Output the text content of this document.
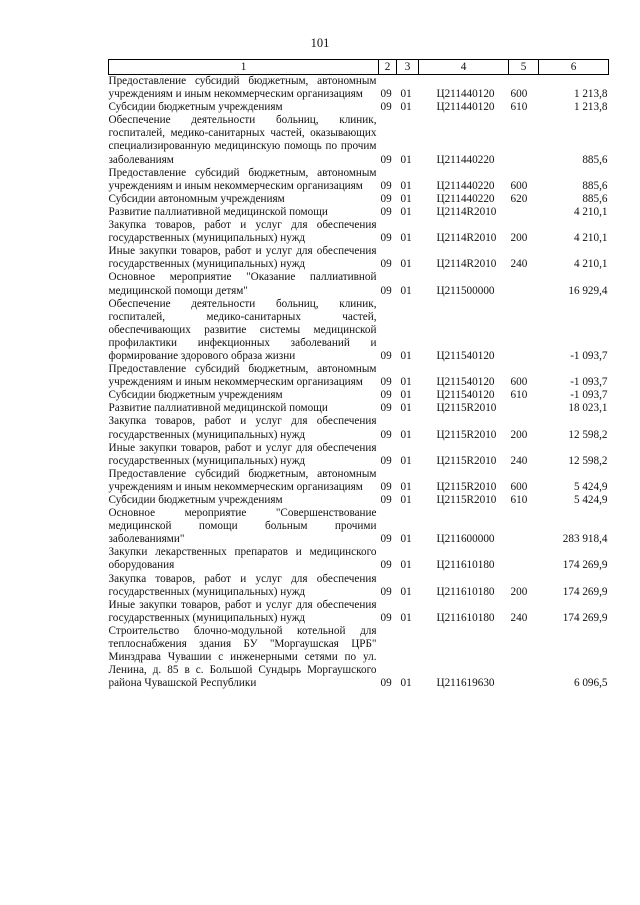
101
1	2	3	4	5	6
Предоставление субсидий бюджетным, автономным учреждениям и иным некоммерческим организациям	09	01	Ц211440120	600	1 213,8
Субсидии бюджетным учреждениям	09	01	Ц211440120	610	1 213,8
Обеспечение деятельности больниц, клиник, госпиталей, медико-санитарных частей, оказывающих специализированную медицинскую помощь по прочим заболеваниям	09	01	Ц211440220		885,6
Предоставление субсидий бюджетным, автономным учреждениям и иным некоммерческим организациям	09	01	Ц211440220	600	885,6
Субсидии автономным учреждениям	09	01	Ц211440220	620	885,6
Развитие паллиативной медицинской помощи	09	01	Ц2114R2010		4 210,1
Закупка товаров, работ и услуг для обеспечения государственных (муниципальных) нужд	09	01	Ц2114R2010	200	4 210,1
Иные закупки товаров, работ и услуг для обеспечения государственных (муниципальных) нужд	09	01	Ц2114R2010	240	4 210,1
Основное мероприятие "Оказание паллиативной медицинской помощи детям"	09	01	Ц211500000		16 929,4
Обеспечение деятельности больниц, клиник, госпиталей, медико-санитарных частей, обеспечивающих развитие системы медицинской профилактики инфекционных заболеваний и формирование здорового образа жизни	09	01	Ц211540120		-1 093,7
Предоставление субсидий бюджетным, автономным учреждениям и иным некоммерческим организациям	09	01	Ц211540120	600	-1 093,7
Субсидии бюджетным учреждениям	09	01	Ц211540120	610	-1 093,7
Развитие паллиативной медицинской помощи	09	01	Ц2115R2010		18 023,1
Закупка товаров, работ и услуг для обеспечения государственных (муниципальных) нужд	09	01	Ц2115R2010	200	12 598,2
Иные закупки товаров, работ и услуг для обеспечения государственных (муниципальных) нужд	09	01	Ц2115R2010	240	12 598,2
Предоставление субсидий бюджетным, автономным учреждениям и иным некоммерческим организациям	09	01	Ц2115R2010	600	5 424,9
Субсидии бюджетным учреждениям	09	01	Ц2115R2010	610	5 424,9
Основное мероприятие "Совершенствование медицинской помощи больным прочими заболеваниями"	09	01	Ц211600000		283 918,4
Закупки лекарственных препаратов и медицинского оборудования	09	01	Ц211610180		174 269,9
Закупка товаров, работ и услуг для обеспечения государственных (муниципальных) нужд	09	01	Ц211610180	200	174 269,9
Иные закупки товаров, работ и услуг для обеспечения государственных (муниципальных) нужд	09	01	Ц211610180	240	174 269,9
Строительство блочно-модульной котельной для теплоснабжения здания БУ "Моргаушская ЦРБ" Минздрава Чувашии с инженерными сетями по ул. Ленина, д. 85 в с. Большой Сундырь Моргаушского района Чувашской Республики	09	01	Ц211619630		6 096,5
